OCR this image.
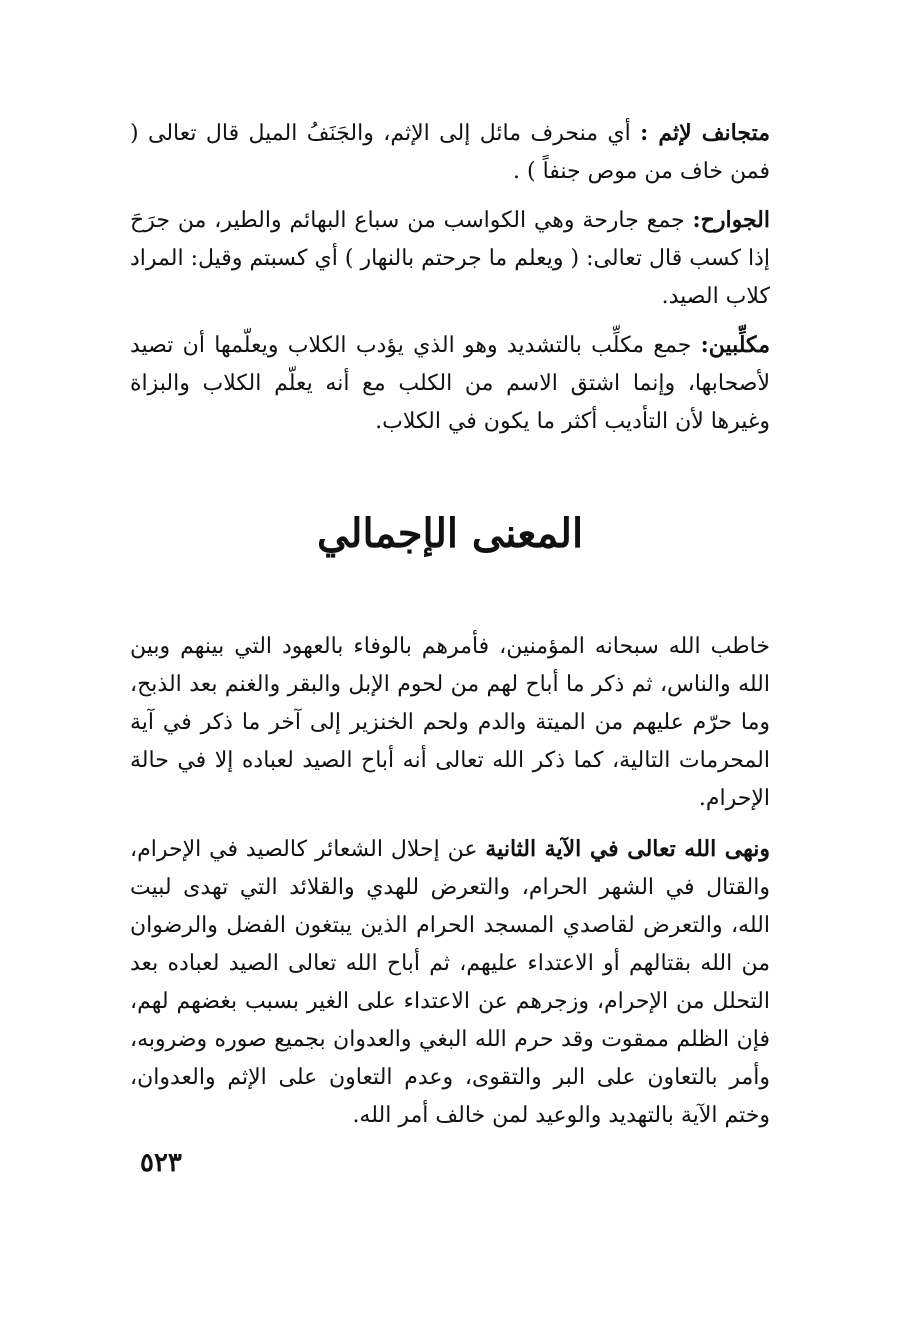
متجانف لإثم : أي منحرف مائل إلى الإثم، والجَنَفُ الميل قال تعالى ( فمن خاف من موص جنفاً ) .

الجوارح: جمع جارحة وهي الكواسب من سباع البهائم والطير، من جرَحَ إذا كسب قال تعالى: ( ويعلم ما جرحتم بالنهار ) أي كسبتم وقيل: المراد كلاب الصيد.

مكلِّبين: جمع مكلِّب بالتشديد وهو الذي يؤدب الكلاب ويعلّمها أن تصيد لأصحابها، وإنما اشتق الاسم من الكلب مع أنه يعلّم الكلاب والبزاة وغيرها لأن التأديب أكثر ما يكون في الكلاب.

المعنى الإجمالي

خاطب الله سبحانه المؤمنين، فأمرهم بالوفاء بالعهود التي بينهم وبين الله والناس، ثم ذكر ما أباح لهم من لحوم الإبل والبقر والغنم بعد الذبح، وما حرّم عليهم من الميتة والدم ولحم الخنزير إلى آخر ما ذكر في آية المحرمات التالية، كما ذكر الله تعالى أنه أباح الصيد لعباده إلا في حالة الإحرام.

ونهى الله تعالى في الآية الثانية عن إحلال الشعائر كالصيد في الإحرام، والقتال في الشهر الحرام، والتعرض للهدي والقلائد التي تهدى لبيت الله، والتعرض لقاصدي المسجد الحرام الذين يبتغون الفضل والرضوان من الله بقتالهم أو الاعتداء عليهم، ثم أباح الله تعالى الصيد لعباده بعد التحلل من الإحرام، وزجرهم عن الاعتداء على الغير بسبب بغضهم لهم، فإن الظلم ممقوت وقد حرم الله البغي والعدوان بجميع صوره وضروبه، وأمر بالتعاون على البر والتقوى، وعدم التعاون على الإثم والعدوان، وختم الآية بالتهديد والوعيد لمن خالف أمر الله.

٥٢٣
